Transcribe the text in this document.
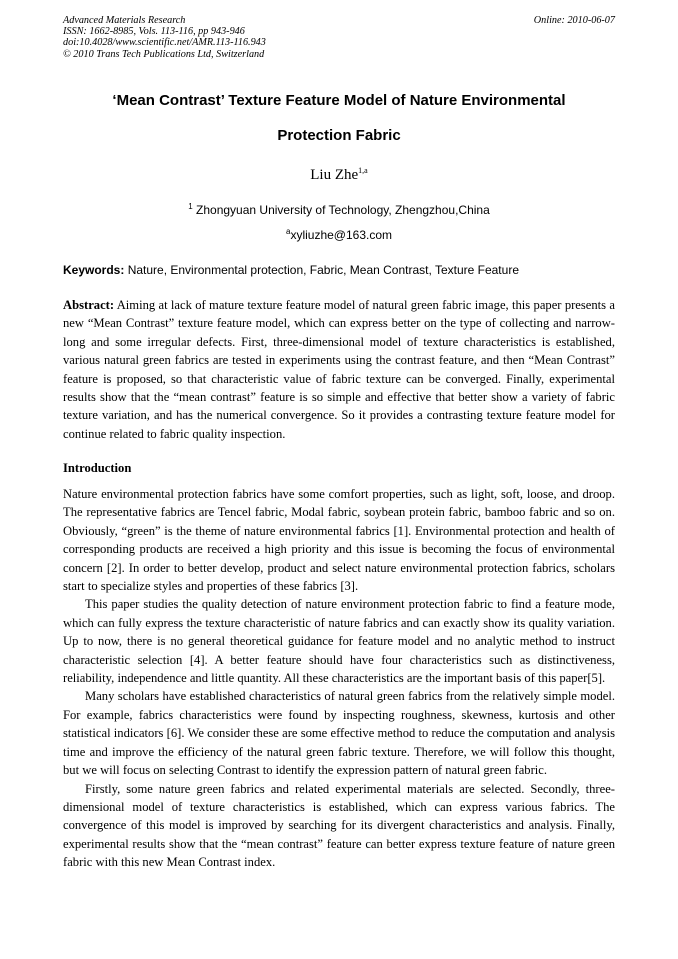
Advanced Materials Research
ISSN: 1662-8985, Vols. 113-116, pp 943-946
doi:10.4028/www.scientific.net/AMR.113-116.943
© 2010 Trans Tech Publications Ltd, Switzerland
Online: 2010-06-07
‘Mean Contrast’ Texture Feature Model of Nature Environmental
Protection Fabric
Liu Zhe$^{1,a}$
$^1$ Zhongyuan University of Technology, Zhengzhou,China
$^a$xyliuzhe@163.com
Keywords: Nature, Environmental protection, Fabric, Mean Contrast, Texture Feature

Abstract: Aiming at lack of mature texture feature model of natural green fabric image, this paper presents a new “Mean Contrast” texture feature model, which can express better on the type of collecting and narrow-long and some irregular defects. First, three-dimensional model of texture characteristics is established, various natural green fabrics are tested in experiments using the contrast feature, and then “Mean Contrast” feature is proposed, so that characteristic value of fabric texture can be converged. Finally, experimental results show that the “mean contrast” feature is so simple and effective that better show a variety of fabric texture variation, and has the numerical convergence. So it provides a contrasting texture feature model for continue related to fabric quality inspection.

Introduction

Nature environmental protection fabrics have some comfort properties, such as light, soft, loose, and droop. The representative fabrics are Tencel fabric, Modal fabric, soybean protein fabric, bamboo fabric and so on. Obviously, “green” is the theme of nature environmental fabrics [1]. Environmental protection and health of corresponding products are received a high priority and this issue is becoming the focus of environmental concern [2]. In order to better develop, product and select nature environmental protection fabrics, scholars start to specialize styles and properties of these fabrics [3].

This paper studies the quality detection of nature environment protection fabric to find a feature mode, which can fully express the texture characteristic of nature fabrics and can exactly show its quality variation. Up to now, there is no general theoretical guidance for feature model and no analytic method to instruct characteristic selection [4]. A better feature should have four characteristics such as distinctiveness, reliability, independence and little quantity. All these characteristics are the important basis of this paper[5].

Many scholars have established characteristics of natural green fabrics from the relatively simple model. For example, fabrics characteristics were found by inspecting roughness, skewness, kurtosis and other statistical indicators [6]. We consider these are some effective method to reduce the computation and analysis time and improve the efficiency of the natural green fabric texture. Therefore, we will follow this thought, but we will focus on selecting Contrast to identify the expression pattern of natural green fabric.

Firstly, some nature green fabrics and related experimental materials are selected. Secondly, three-dimensional model of texture characteristics is established, which can express various fabrics. The convergence of this model is improved by searching for its divergent characteristics and analysis. Finally, experimental results show that the “mean contrast” feature can better express texture feature of nature green fabric with this new Mean Contrast index.
